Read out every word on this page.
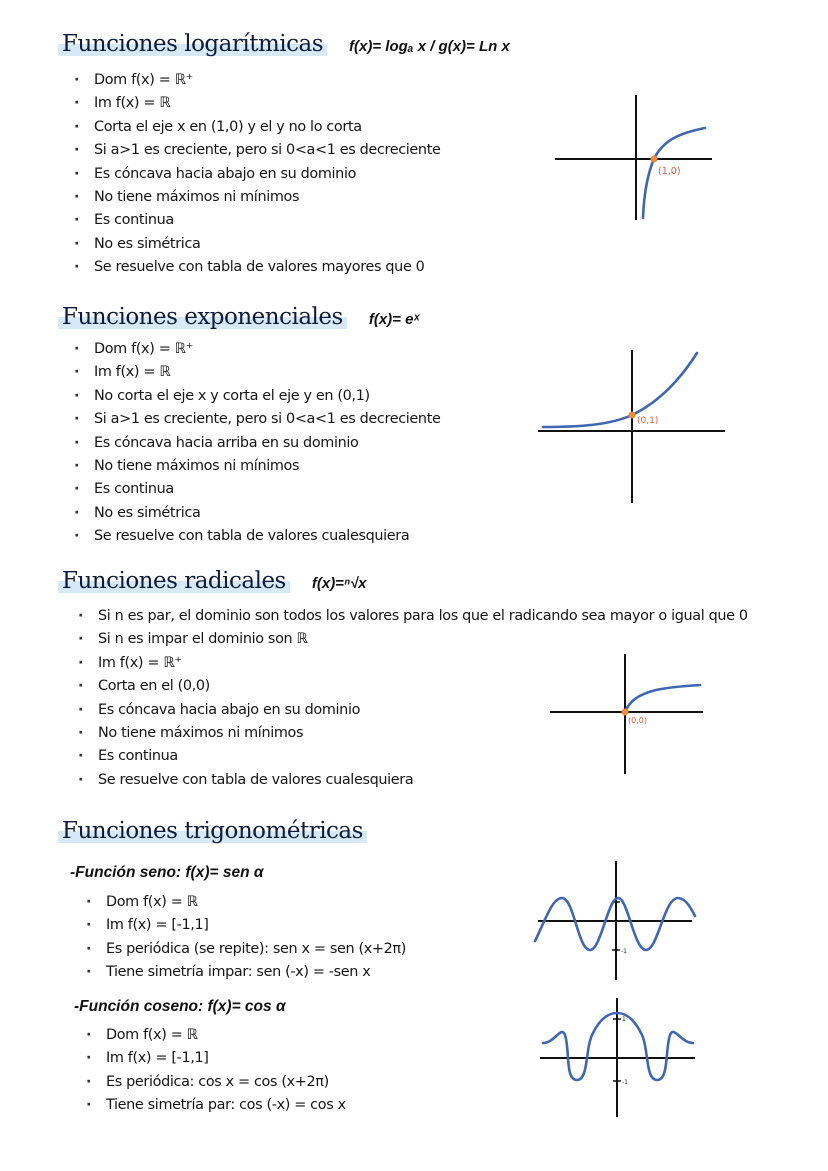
Funciones logarítmicas f(x)= logₐ x / g(x)= Ln x
· Dom f(x) = ℝ⁺
· Im f(x) = ℝ
· Corta el eje x en (1,0) y el y no lo corta
· Si a>1 es creciente, pero si 0<a<1 es decreciente
· Es cóncava hacia abajo en su dominio
· No tiene máximos ni mínimos
· Es continua
· No es simétrica
· Se resuelve con tabla de valores mayores que 0
(1,0)
Funciones exponenciales f(x)= eˣ
· Dom f(x) = ℝ⁺
· Im f(x) = ℝ
· No corta el eje x y corta el eje y en (0,1)
· Si a>1 es creciente, pero si 0<a<1 es decreciente
· Es cóncava hacia arriba en su dominio
· No tiene máximos ni mínimos
· Es continua
· No es simétrica
· Se resuelve con tabla de valores cualesquiera
(0,1)
Funciones radicales f(x)=ⁿ√x
· Si n es par, el dominio son todos los valores para los que el radicando sea mayor o igual que 0
· Si n es impar el dominio son ℝ
· Im f(x) = ℝ⁺
· Corta en el (0,0)
· Es cóncava hacia abajo en su dominio
· No tiene máximos ni mínimos
· Es continua
· Se resuelve con tabla de valores cualesquiera
(0,0)
Funciones trigonométricas
-Función seno: f(x)= sen α
· Dom f(x) = ℝ
· Im f(x) = [-1,1]
· Es periódica (se repite): sen x = sen (x+2π)
· Tiene simetría impar: sen (-x) = -sen x
1
-1
-Función coseno: f(x)= cos α
· Dom f(x) = ℝ
· Im f(x) = [-1,1]
· Es periódica: cos x = cos (x+2π)
· Tiene simetría par: cos (-x) = cos x
1
-1
